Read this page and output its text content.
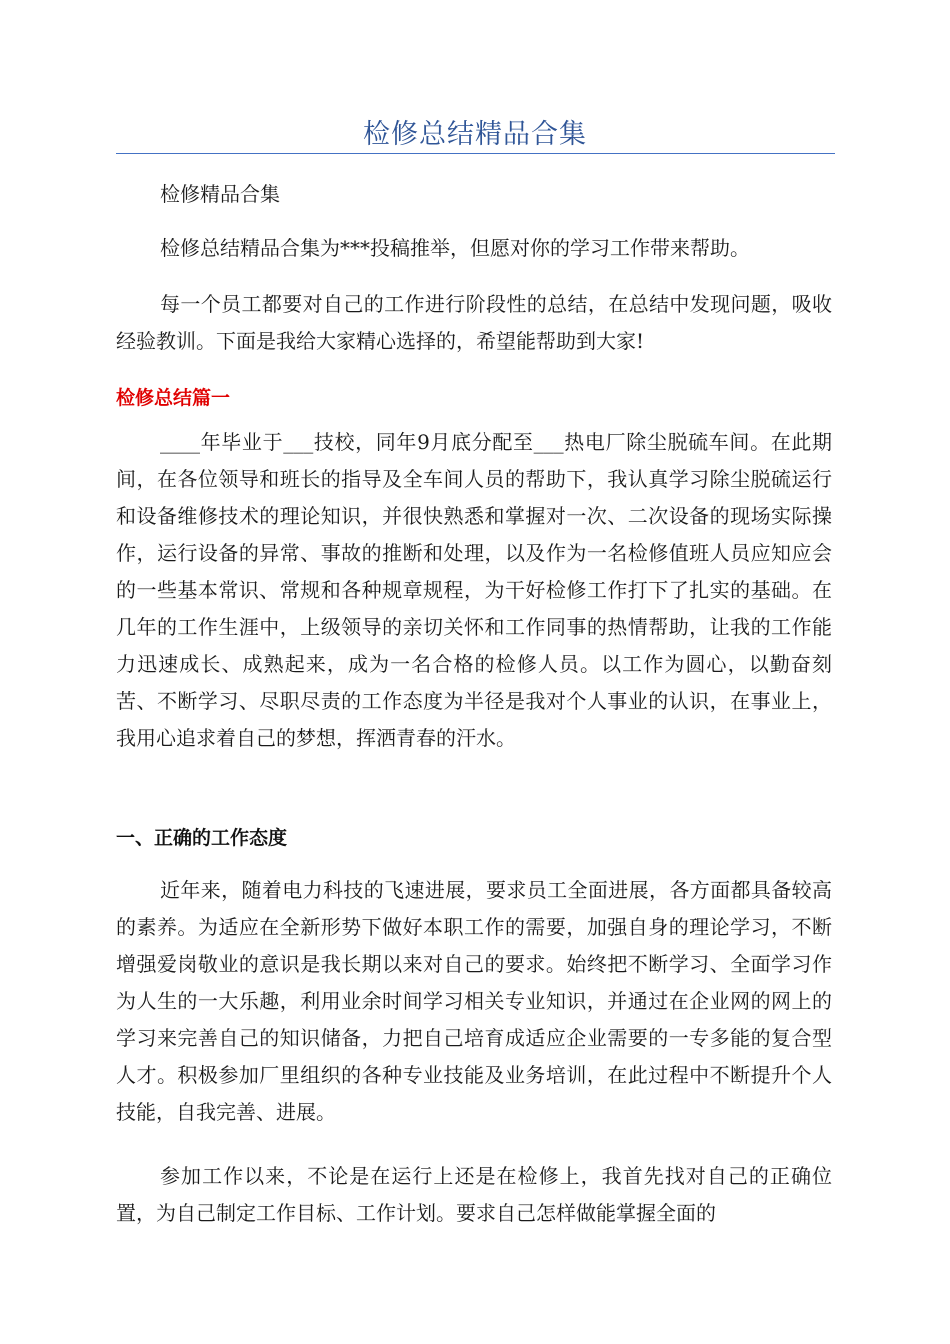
检修总结精品合集

检修精品合集

检修总结精品合集为***投稿推举，但愿对你的学习工作带来帮助。

每一个员工都要对自己的工作进行阶段性的总结，在总结中发现问题，吸收经验教训。下面是我给大家精心选择的，希望能帮助到大家!

检修总结篇一

____年毕业于___技校，同年9月底分配至___热电厂除尘脱硫车间。在此期间，在各位领导和班长的指导及全车间人员的帮助下，我认真学习除尘脱硫运行和设备维修技术的理论知识，并很快熟悉和掌握对一次、二次设备的现场实际操作，运行设备的异常、事故的推断和处理，以及作为一名检修值班人员应知应会的一些基本常识、常规和各种规章规程，为干好检修工作打下了扎实的基础。在几年的工作生涯中，上级领导的亲切关怀和工作同事的热情帮助，让我的工作能力迅速成长、成熟起来，成为一名合格的检修人员。以工作为圆心，以勤奋刻苦、不断学习、尽职尽责的工作态度为半径是我对个人事业的认识，在事业上，我用心追求着自己的梦想，挥洒青春的汗水。

一、正确的工作态度

近年来，随着电力科技的飞速进展，要求员工全面进展，各方面都具备较高的素养。为适应在全新形势下做好本职工作的需要，加强自身的理论学习，不断增强爱岗敬业的意识是我长期以来对自己的要求。始终把不断学习、全面学习作为人生的一大乐趣，利用业余时间学习相关专业知识，并通过在企业网的网上的学习来完善自己的知识储备，力把自己培育成适应企业需要的一专多能的复合型人才。积极参加厂里组织的各种专业技能及业务培训，在此过程中不断提升个人技能，自我完善、进展。

参加工作以来，不论是在运行上还是在检修上，我首先找对自己的正确位置，为自己制定工作目标、工作计划。要求自己怎样做能掌握全面的
